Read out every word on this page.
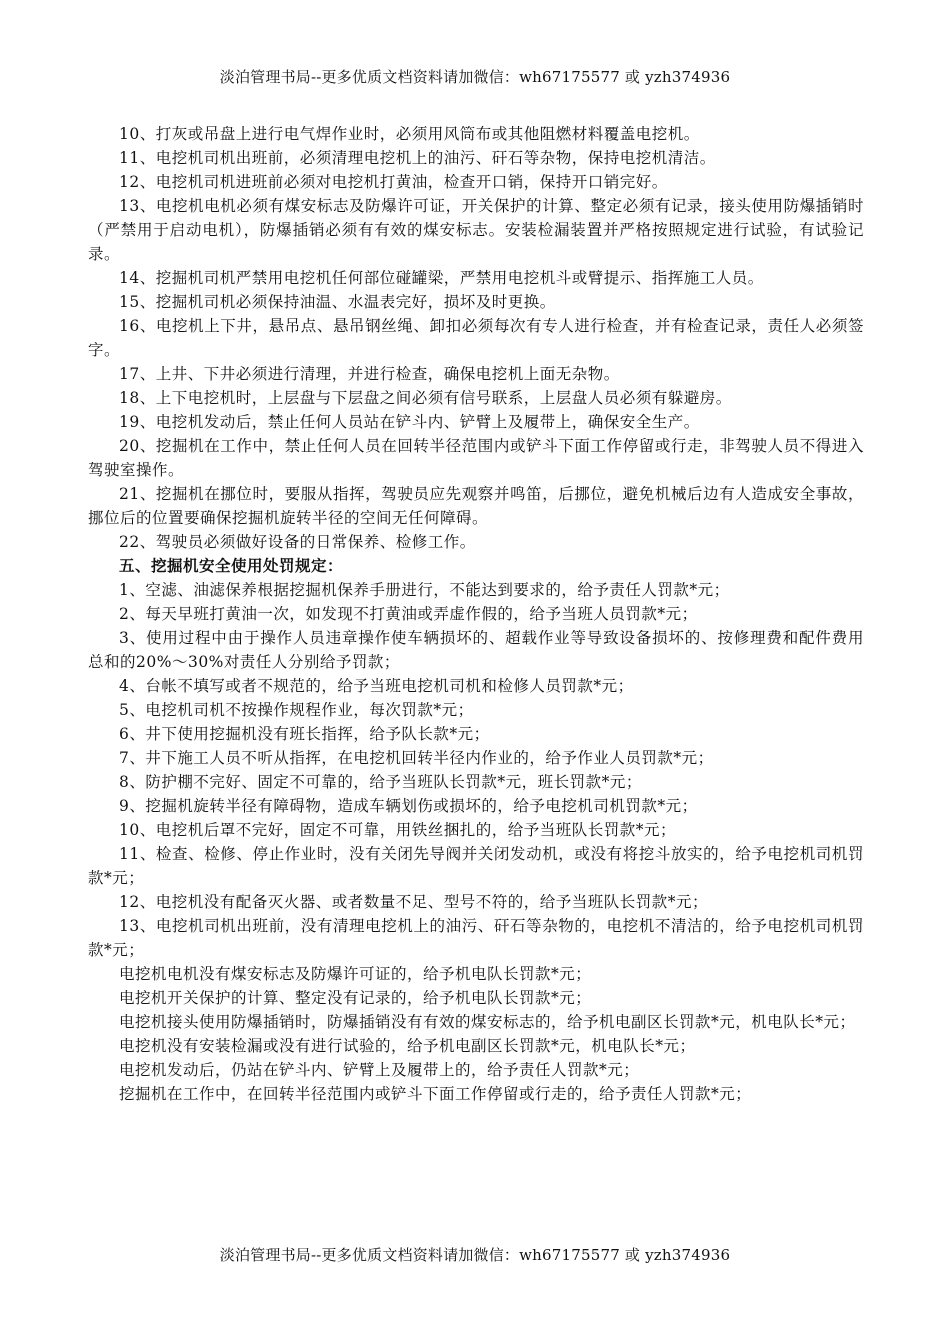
淡泊管理书局--更多优质文档资料请加微信：wh67175577 或 yzh374936

10、打灰或吊盘上进行电气焊作业时，必须用风筒布或其他阻燃材料覆盖电挖机。

11、电挖机司机出班前，必须清理电挖机上的油污、矸石等杂物，保持电挖机清洁。

12、电挖机司机进班前必须对电挖机打黄油，检查开口销，保持开口销完好。

13、电挖机电机必须有煤安标志及防爆许可证，开关保护的计算、整定必须有记录，接头使用防爆插销时（严禁用于启动电机），防爆插销必须有有效的煤安标志。安装检漏装置并严格按照规定进行试验，有试验记录。

14、挖掘机司机严禁用电挖机任何部位碰罐梁，严禁用电挖机斗或臂提示、指挥施工人员。

15、挖掘机司机必须保持油温、水温表完好，损坏及时更换。

16、电挖机上下井，悬吊点、悬吊钢丝绳、卸扣必须每次有专人进行检查，并有检查记录，责任人必须签字。

17、上井、下井必须进行清理，并进行检查，确保电挖机上面无杂物。

18、上下电挖机时，上层盘与下层盘之间必须有信号联系，上层盘人员必须有躲避房。

19、电挖机发动后，禁止任何人员站在铲斗内、铲臂上及履带上，确保安全生产。

20、挖掘机在工作中，禁止任何人员在回转半径范围内或铲斗下面工作停留或行走，非驾驶人员不得进入驾驶室操作。

21、挖掘机在挪位时，要服从指挥，驾驶员应先观察并鸣笛，后挪位，避免机械后边有人造成安全事故，挪位后的位置要确保挖掘机旋转半径的空间无任何障碍。

22、驾驶员必须做好设备的日常保养、检修工作。

五、挖掘机安全使用处罚规定：

1、空滤、油滤保养根据挖掘机保养手册进行，不能达到要求的，给予责任人罚款*元；

2、每天早班打黄油一次，如发现不打黄油或弄虚作假的，给予当班人员罚款*元；

3、使用过程中由于操作人员违章操作使车辆损坏的、超载作业等导致设备损坏的、按修理费和配件费用总和的20%～30%对责任人分别给予罚款；

4、台帐不填写或者不规范的，给予当班电挖机司机和检修人员罚款*元；

5、电挖机司机不按操作规程作业，每次罚款*元；

6、井下使用挖掘机没有班长指挥，给予队长款*元；

7、井下施工人员不听从指挥，在电挖机回转半径内作业的，给予作业人员罚款*元；

8、防护棚不完好、固定不可靠的，给予当班队长罚款*元，班长罚款*元；

9、挖掘机旋转半径有障碍物，造成车辆划伤或损坏的，给予电挖机司机罚款*元；

10、电挖机后罩不完好，固定不可靠，用铁丝捆扎的，给予当班队长罚款*元；

11、检查、检修、停止作业时，没有关闭先导阀并关闭发动机，或没有将挖斗放实的，给予电挖机司机罚款*元；

12、电挖机没有配备灭火器、或者数量不足、型号不符的，给予当班队长罚款*元；

13、电挖机司机出班前，没有清理电挖机上的油污、矸石等杂物的，电挖机不清洁的，给予电挖机司机罚款*元；

电挖机电机没有煤安标志及防爆许可证的，给予机电队长罚款*元；

电挖机开关保护的计算、整定没有记录的，给予机电队长罚款*元；

电挖机接头使用防爆插销时，防爆插销没有有效的煤安标志的，给予机电副区长罚款*元，机电队长*元；

电挖机没有安装检漏或没有进行试验的，给予机电副区长罚款*元，机电队长*元；

电挖机发动后，仍站在铲斗内、铲臂上及履带上的，给予责任人罚款*元；

挖掘机在工作中，在回转半径范围内或铲斗下面工作停留或行走的，给予责任人罚款*元；

淡泊管理书局--更多优质文档资料请加微信：wh67175577 或 yzh374936
